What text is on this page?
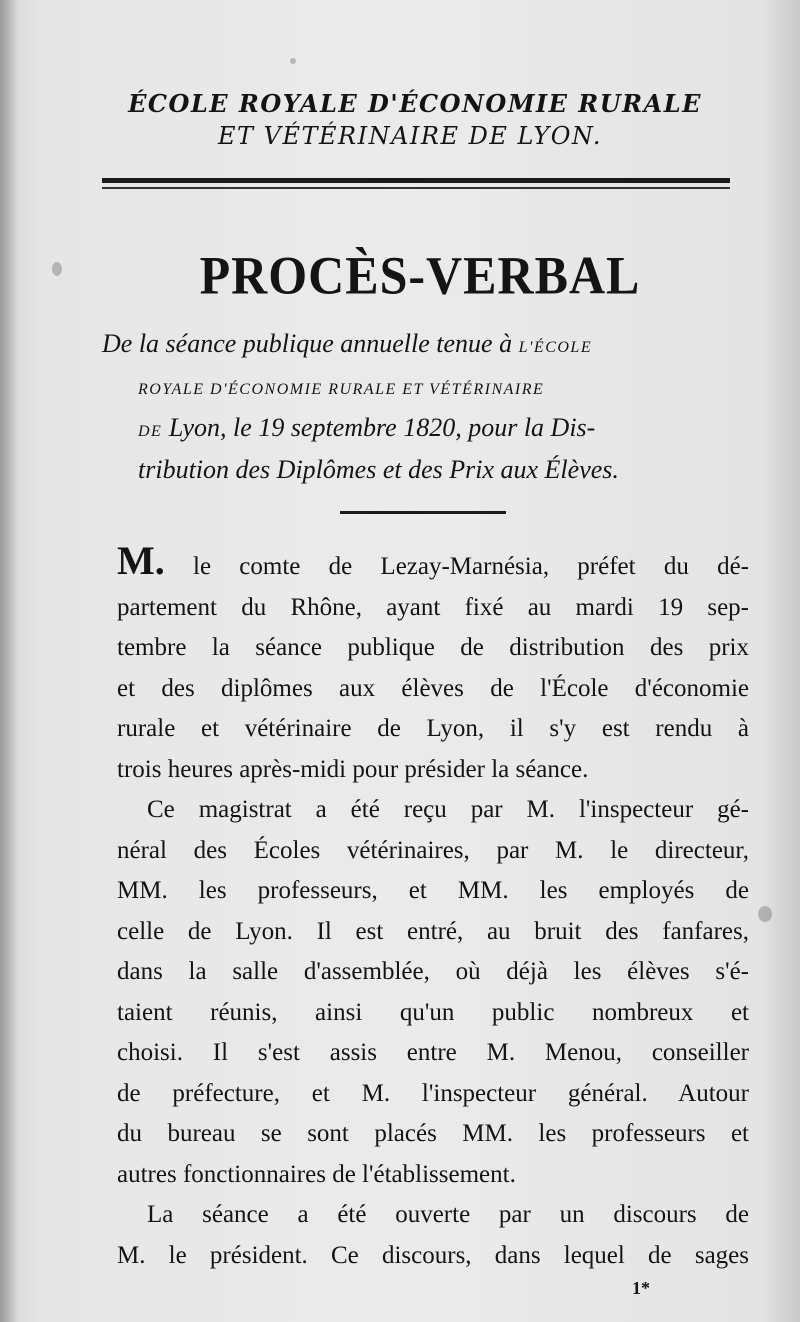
ÉCOLE ROYALE D'ÉCONOMIE RURALE
ET VÉTÉRINAIRE DE LYON.
PROCÈS-VERBAL
De la séance publique annuelle tenue à L'ÉCOLE
ROYALE D'ÉCONOMIE RURALE ET VÉTÉRINAIRE
DE Lyon, le 19 septembre 1820, pour la Dis-
tribution des Diplômes et des Prix aux Élèves.
M. le comte de Lezay-Marnésia, préfet du dé-
partement du Rhône, ayant fixé au mardi 19 sep-
tembre la séance publique de distribution des prix
et des diplômes aux élèves de l'École d'économie
rurale et vétérinaire de Lyon, il s'y est rendu à
trois heures après-midi pour présider la séance.
Ce magistrat a été reçu par M. l'inspecteur gé-
néral des Écoles vétérinaires, par M. le directeur,
MM. les professeurs, et MM. les employés de
celle de Lyon. Il est entré, au bruit des fanfares,
dans la salle d'assemblée, où déjà les élèves s'é-
taient réunis, ainsi qu'un public nombreux et
choisi. Il s'est assis entre M. Menou, conseiller
de préfecture, et M. l'inspecteur général. Autour
du bureau se sont placés MM. les professeurs et
autres fonctionnaires de l'établissement.
La séance a été ouverte par un discours de
M. le président. Ce discours, dans lequel de sages
1*
